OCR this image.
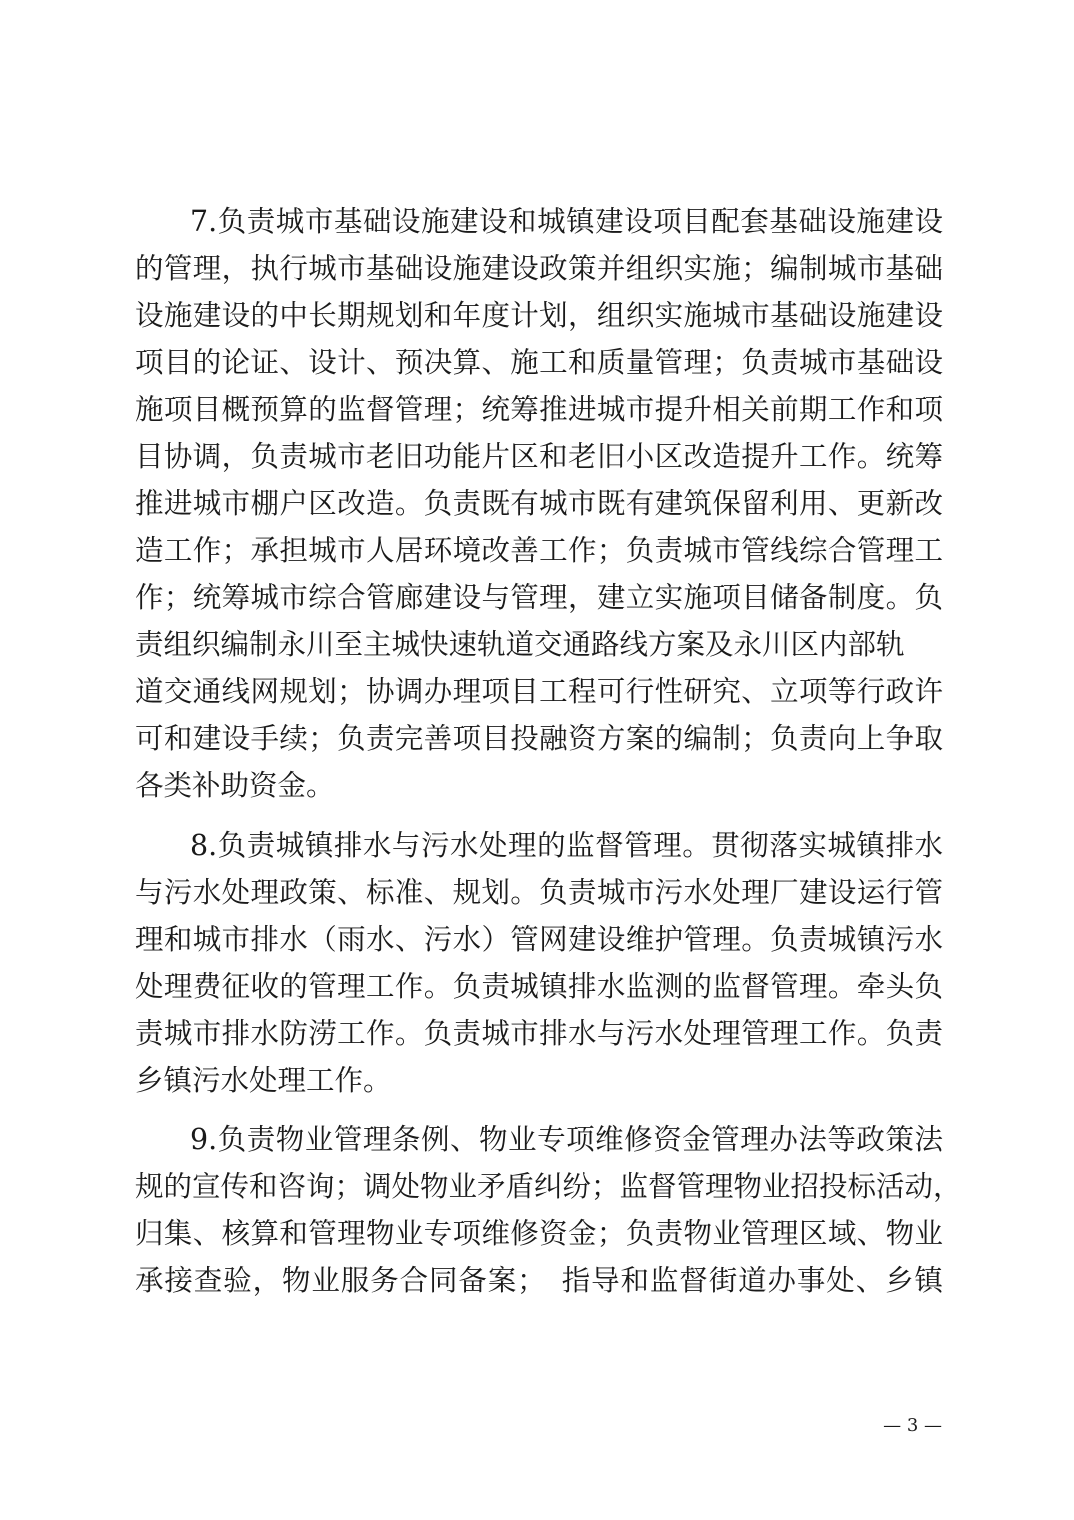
7.负责城市基础设施建设和城镇建设项目配套基础设施建设
的管理，执行城市基础设施建设政策并组织实施；编制城市基础
设施建设的中长期规划和年度计划，组织实施城市基础设施建设
项目的论证、设计、预决算、施工和质量管理；负责城市基础设
施项目概预算的监督管理；统筹推进城市提升相关前期工作和项
目协调，负责城市老旧功能片区和老旧小区改造提升工作。统筹
推进城市棚户区改造。负责既有城市既有建筑保留利用、更新改
造工作；承担城市人居环境改善工作；负责城市管线综合管理工
作；统筹城市综合管廊建设与管理，建立实施项目储备制度。负
责组织编制永川至主城快速轨道交通路线方案及永川区内部轨
道交通线网规划；协调办理项目工程可行性研究、立项等行政许
可和建设手续；负责完善项目投融资方案的编制；负责向上争取
各类补助资金。
8.负责城镇排水与污水处理的监督管理。贯彻落实城镇排水
与污水处理政策、标准、规划。负责城市污水处理厂建设运行管
理和城市排水（雨水、污水）管网建设维护管理。负责城镇污水
处理费征收的管理工作。负责城镇排水监测的监督管理。牵头负
责城市排水防涝工作。负责城市排水与污水处理管理工作。负责
乡镇污水处理工作。
9.负责物业管理条例、物业专项维修资金管理办法等政策法
规的宣传和咨询；调处物业矛盾纠纷；监督管理物业招投标活动，
归集、核算和管理物业专项维修资金；负责物业管理区域、物业
承接查验，物业服务合同备案；　指导和监督街道办事处、乡镇
— 3 —
